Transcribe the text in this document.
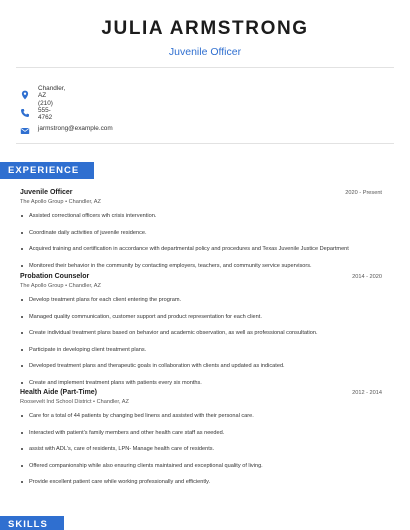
JULIA ARMSTRONG
Juvenile Officer
Chandler, AZ
(210) 555-4762
jarmstrong@example.com
EXPERIENCE
Juvenile Officer	2020 - Present
The Apollo Group • Chandler, AZ
Assisted correctional officers wih crisis intervention.
Coordinate daily activities of juvenile residence.
Acquired training and certification in accordance with departmental policy and procedures and Texas Juvenile Justice Department
Monitored their behavior in the community by contacting employers, teachers, and community service supervisors.
Probation Counselor	2014 - 2020
The Apollo Group • Chandler, AZ
Develop treatment plans for each client entering the program.
Managed quality communication, customer support and product representation for each client.
Create individual treatment plans based on behavior and academic observation, as well as professional consultation.
Participate in developing client treatment plans.
Developed treatment plans and therapeutic goals in collaboration with clients and updated as indicated.
Create and implement treatment plans with patients every six months.
Health Aide (Part-Time)	2012 - 2014
Roosevelt Ind School District • Chandler, AZ
Care for a total of 44 patients by changing bed linens and assisted with their personal care.
Interacted with patient's family members and other health care staff as needed.
assist with ADL's, care of residents, LPN- Manage health care of residents.
Offered companionship while also ensuring clients maintained and exceptional quality of living.
Provide excellent patient care while working professionally and efficiently.
SKILLS
